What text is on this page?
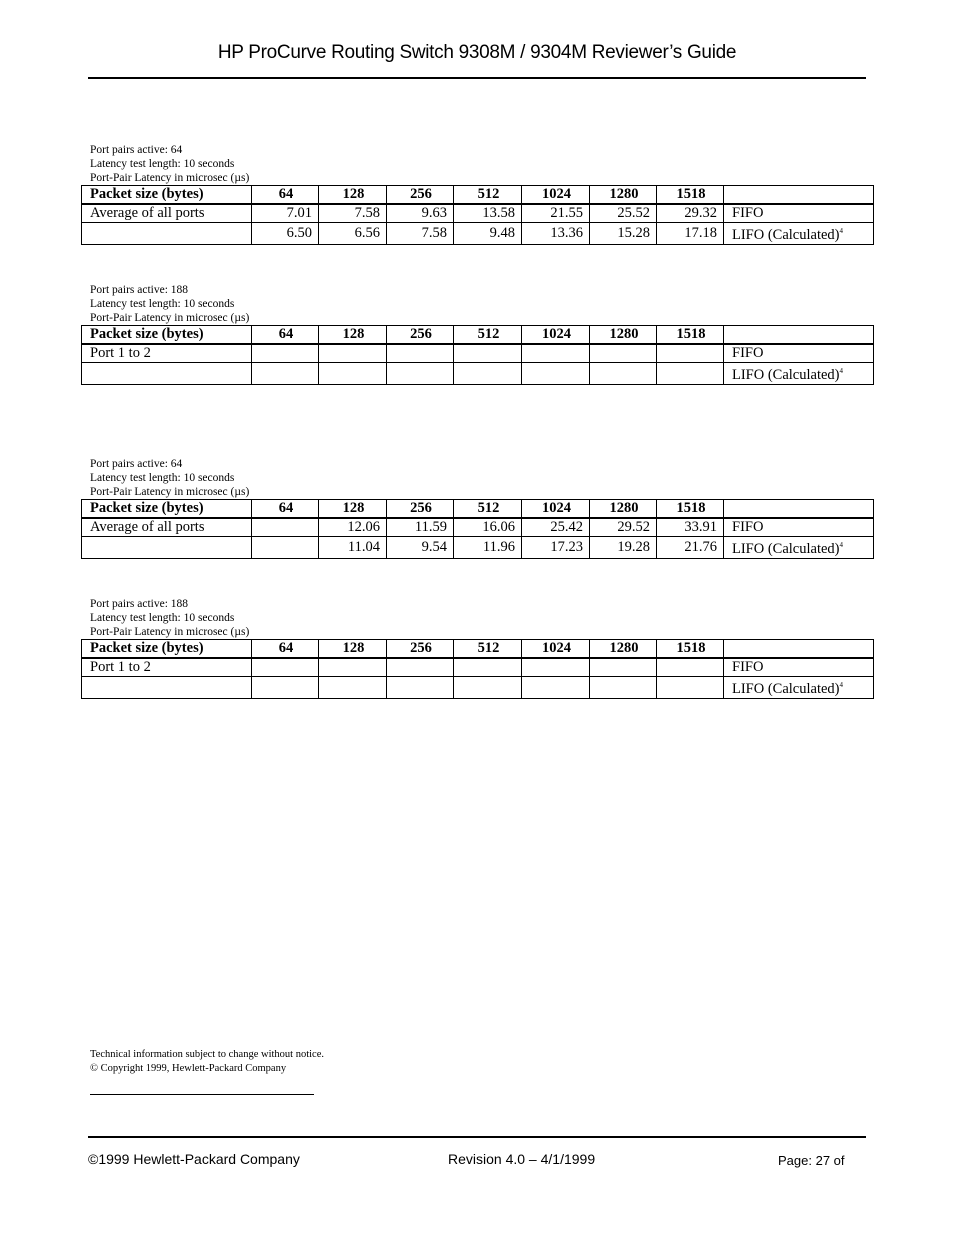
HP ProCurve Routing Switch 9308M / 9304M Reviewer’s Guide
Port pairs active: 64
Latency test length: 10 seconds
Port-Pair Latency in microsec (µs)
Packet size (bytes)	64	128	256	512	1024	1280	1518	
Average of all ports	7.01	7.58	9.63	13.58	21.55	25.52	29.32	FIFO
	6.50	6.56	7.58	9.48	13.36	15.28	17.18	LIFO (Calculated)$^4$
Port pairs active: 188
Latency test length: 10 seconds
Port-Pair Latency in microsec (µs)
Packet size (bytes)	64	128	256	512	1024	1280	1518	
Port 1 to 2								FIFO
								LIFO (Calculated)$^4$
Port pairs active: 64
Latency test length: 10 seconds
Port-Pair Latency in microsec (µs)
Packet size (bytes)	64	128	256	512	1024	1280	1518	
Average of all ports		12.06	11.59	16.06	25.42	29.52	33.91	FIFO
		11.04	9.54	11.96	17.23	19.28	21.76	LIFO (Calculated)$^4$
Port pairs active: 188
Latency test length: 10 seconds
Port-Pair Latency in microsec (µs)
Packet size (bytes)	64	128	256	512	1024	1280	1518	
Port 1 to 2								FIFO
								LIFO (Calculated)$^4$
Technical information subject to change without notice.
© Copyright 1999, Hewlett-Packard Company
©1999 Hewlett-Packard Company	Revision 4.0 – 4/1/1999	Page: 27 of
